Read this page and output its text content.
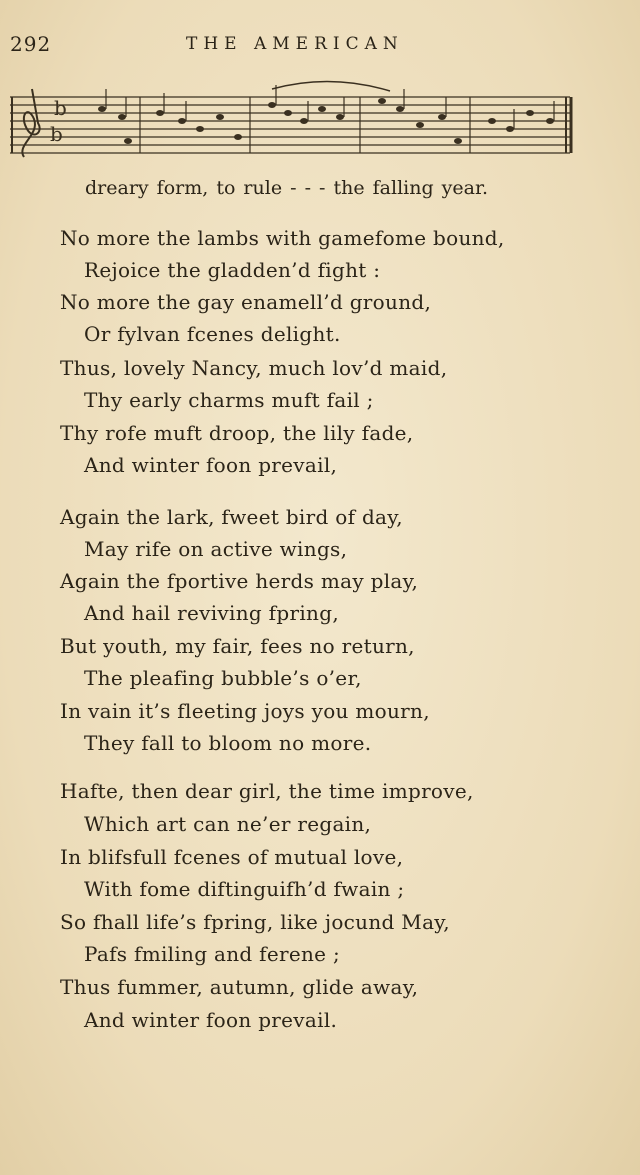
292	THE AMERICAN
b
b
dreary form, to rule - - - the falling year.
No more the lambs with gamefome bound,
Rejoice the gladden’d fight :
No more the gay enamell’d ground,
Or fylvan fcenes delight.
Thus, lovely Nancy, much lov’d maid,
Thy early charms muft fail ;
Thy rofe muft droop, the lily fade,
And winter foon prevail,
Again the lark, fweet bird of day,
May rife on active wings,
Again the fportive herds may play,
And hail reviving fpring,
But youth, my fair, fees no return,
The pleafing bubble’s o’er,
In vain it’s fleeting joys you mourn,
They fall to bloom no more.
Hafte, then dear girl, the time improve,
Which art can ne’er regain,
In blifsfull fcenes of mutual love,
With fome diftinguifh’d fwain ;
So fhall life’s fpring, like jocund May,
Pafs fmiling and ferene ;
Thus fummer, autumn, glide away,
And winter foon prevail.
